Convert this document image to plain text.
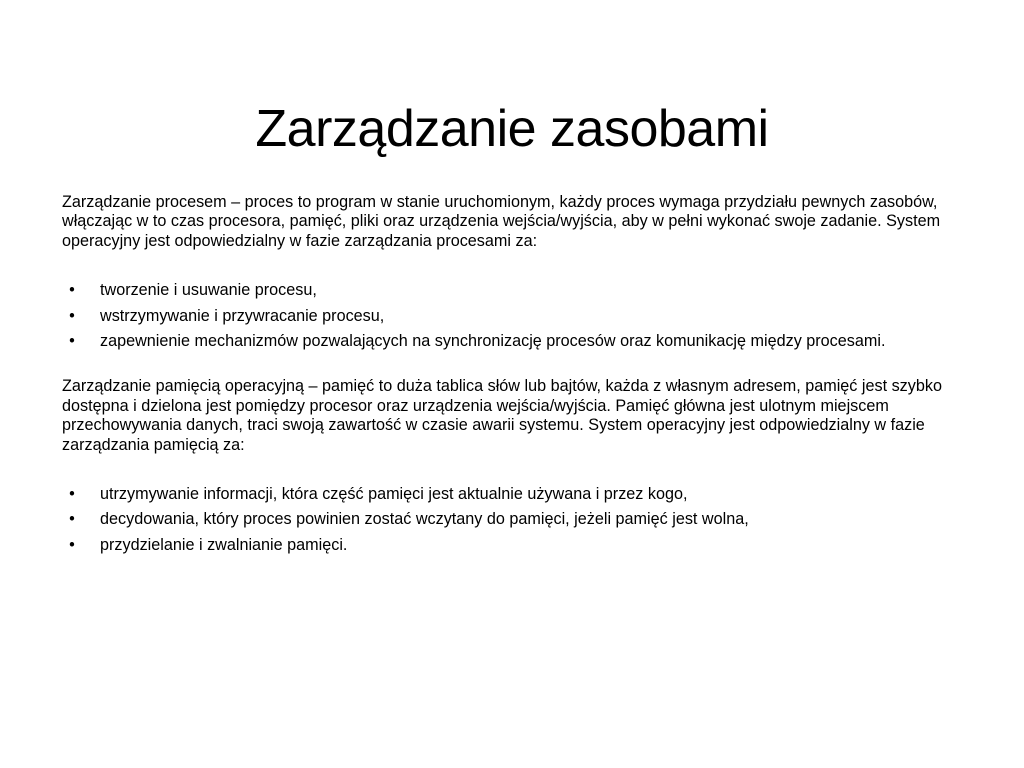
Zarządzanie zasobami

Zarządzanie procesem – proces to program w stanie uruchomionym, każdy proces wymaga przydziału pewnych zasobów, włączając w to czas procesora, pamięć, pliki oraz urządzenia wejścia/wyjścia, aby w pełni wykonać swoje zadanie. System operacyjny jest odpowiedzialny w fazie zarządzania procesami za:

•	tworzenie i usuwanie procesu,
•	wstrzymywanie i przywracanie procesu,
•	zapewnienie mechanizmów pozwalających na synchronizację procesów oraz komunikację między procesami.

Zarządzanie pamięcią operacyjną – pamięć to duża tablica słów lub bajtów, każda z własnym adresem, pamięć jest szybko dostępna i dzielona jest pomiędzy procesor oraz urządzenia wejścia/wyjścia. Pamięć główna jest ulotnym miejscem przechowywania danych, traci swoją zawartość w czasie awarii systemu. System operacyjny jest odpowiedzialny w fazie zarządzania pamięcią za:

•	utrzymywanie informacji, która część pamięci jest aktualnie używana i przez kogo,
•	decydowania, który proces powinien zostać wczytany do pamięci, jeżeli pamięć jest wolna,
•	przydzielanie i zwalnianie pamięci.
